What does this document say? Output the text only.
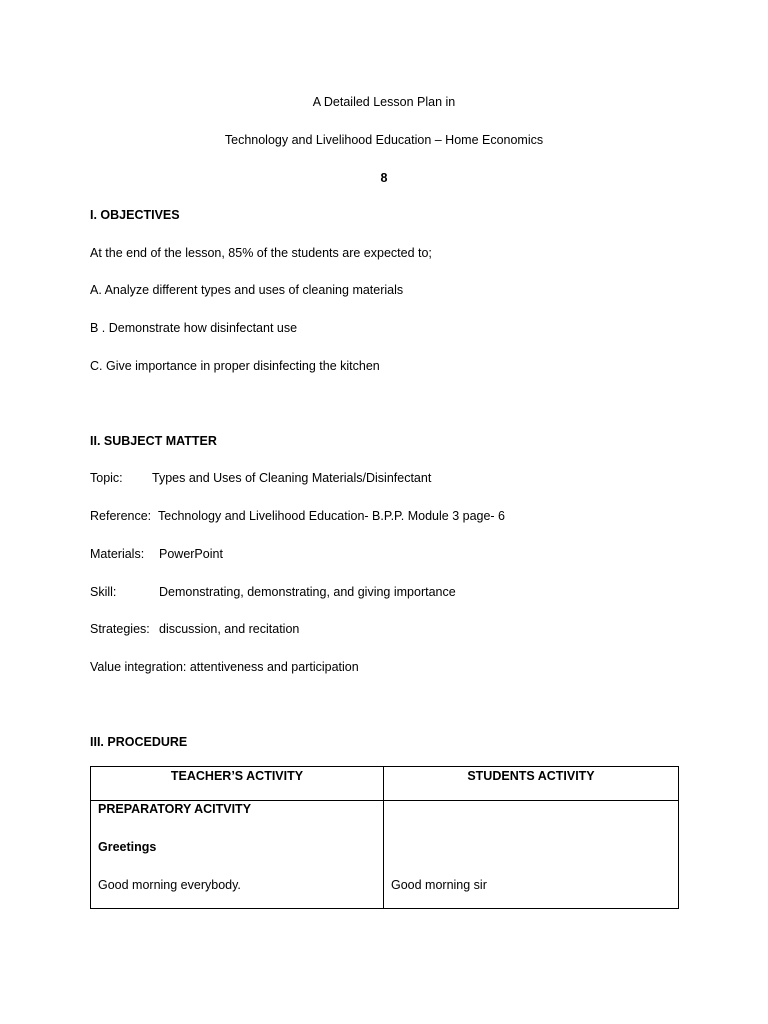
A Detailed Lesson Plan in
Technology and Livelihood Education – Home Economics
8
I. OBJECTIVES
At the end of the lesson, 85% of the students are expected to;
A. Analyze different types and uses of cleaning materials
B . Demonstrate how disinfectant use
C. Give importance in proper disinfecting the kitchen
II. SUBJECT MATTER
Topic: Types and Uses of Cleaning Materials/Disinfectant
Reference: Technology and Livelihood Education- B.P.P. Module 3 page- 6
Materials: PowerPoint
Skill:	Demonstrating, demonstrating, and giving importance
Strategies: discussion, and recitation
Value integration: attentiveness and participation
III. PROCEDURE
TEACHER’S ACTIVITY	STUDENTS ACTIVITY

PREPARATORY ACITVITY
Greetings
Good morning everybody.	Good morning sir
